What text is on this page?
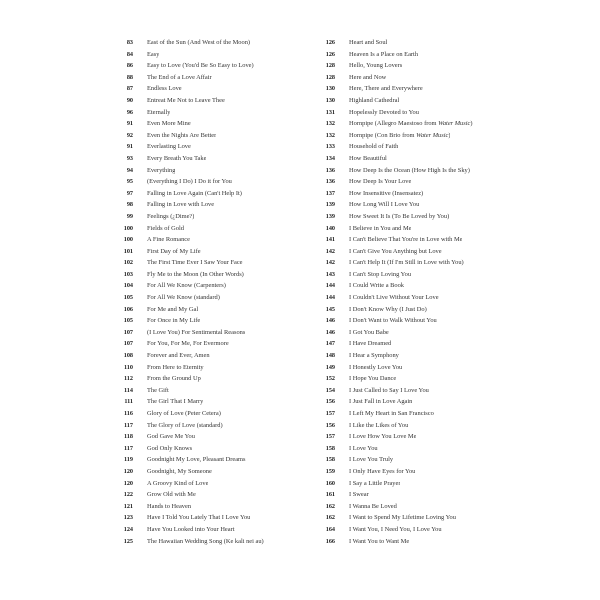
83	East of the Sun (And West of the Moon)
84	Easy
86	Easy to Love (You'd Be So Easy to Love)
88	The End of a Love Affair
87	Endless Love
90	Entreat Me Not to Leave Thee
96	Eternally
91	Even More Mine
92	Even the Nights Are Better
91	Everlasting Love
93	Every Breath You Take
94	Everything
95	(Everything I Do) I Do it for You
97	Falling in Love Again (Can't Help It)
98	Falling in Love with Love
99	Feelings (¿Dime?)
100	Fields of Gold
100	A Fine Romance
101	First Day of My Life
102	The First Time Ever I Saw Your Face
103	Fly Me to the Moon (In Other Words)
104	For All We Know (Carpenters)
105	For All We Know (standard)
106	For Me and My Gal
105	For Once in My Life
107	(I Love You) For Sentimental Reasons
107	For You, For Me, For Evermore
108	Forever and Ever, Amen
110	From Here to Eternity
112	From the Ground Up
114	The Gift
111	The Girl That I Marry
116	Glory of Love (Peter Cetera)
117	The Glory of Love (standard)
118	God Gave Me You
117	God Only Knows
119	Goodnight My Love, Pleasant Dreams
120	Goodnight, My Someone
120	A Groovy Kind of Love
122	Grow Old with Me
121	Hands to Heaven
123	Have I Told You Lately That I Love You
124	Have You Looked into Your Heart
125	The Hawaiian Wedding Song (Ke kali nei au)
126	Heart and Soul
126	Heaven Is a Place on Earth
128	Hello, Young Lovers
128	Here and Now
130	Here, There and Everywhere
130	Highland Cathedral
131	Hopelessly Devoted to You
132	Hornpipe (Allegro Maestoso from Water Music)
132	Hornpipe (Con Brio from Water Music)
133	Household of Faith
134	How Beautiful
136	How Deep Is the Ocean (How High Is the Sky)
136	How Deep Is Your Love
137	How Insensitive (Insensatez)
139	How Long Will I Love You
139	How Sweet It Is (To Be Loved by You)
140	I Believe in You and Me
141	I Can't Believe That You're in Love with Me
142	I Can't Give You Anything but Love
142	I Can't Help It (If I'm Still in Love with You)
143	I Can't Stop Loving You
144	I Could Write a Book
144	I Couldn't Live Without Your Love
145	I Don't Know Why (I Just Do)
146	I Don't Want to Walk Without You
146	I Got You Babe
147	I Have Dreamed
148	I Hear a Symphony
149	I Honestly Love You
152	I Hope You Dance
154	I Just Called to Say I Love You
156	I Just Fall in Love Again
157	I Left My Heart in San Francisco
156	I Like the Likes of You
157	I Love How You Love Me
158	I Love You
158	I Love You Truly
159	I Only Have Eyes for You
160	I Say a Little Prayer
161	I Swear
162	I Wanna Be Loved
162	I Want to Spend My Lifetime Loving You
164	I Want You, I Need You, I Love You
166	I Want You to Want Me
